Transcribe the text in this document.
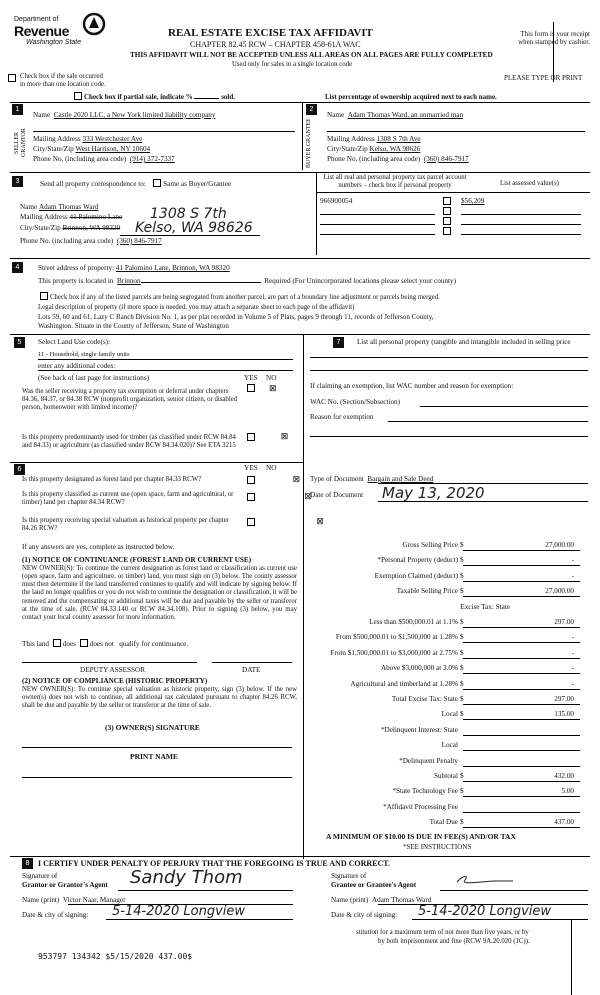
Department of
Revenue
Washington State
REAL ESTATE EXCISE TAX AFFIDAVIT
CHAPTER 82.45 RCW – CHAPTER 458-61A WAC
THIS AFFIDAVIT WILL NOT BE ACCEPTED UNLESS ALL AREAS ON ALL PAGES ARE FULLY COMPLETED
Used only for sales in a single location code
This form is your receipt
when stamped by cashier.
Check box if the sale occurred
in more than one location code.
PLEASE TYPE OR PRINT
Check box if partial sale, indicate %	sold.	List percentage of ownership acquired next to each name.
1	2
SELLER GRANTOR	BUYER GRANTEE
Name Castle 2020 LLC, a New York limited liability company
Mailing Address 333 Westchester Ave
City/State/Zip West Harrison, NY 10604
Phone No. (including area code) (914) 372-7337
Name Adam Thomas Ward, an unmarried man
Mailing Address 1308 S 7th Ave
City/State/Zip Kelso, WA 98626
Phone No. (including area code) (360) 846-7917
3	Send all property correspondence to: Same as Buyer/Grantee
Name Adam Thomas Ward
Mailing Address 41 Palomino Lane 1308 S 7th
City/State/Zip Brinnon, WA 98320 Kelso, WA 98626
Phone No. (including area code) (360) 846-7917
List all real and personal property tax parcel account numbers – check box if personal property	List assessed value(s)
966900054	$56,209
4	Street address of property: 41 Palomino Lane, Brinnon, WA 98320
This property is located in Brinnon	Required (For Unincorporated locations please select your county)
Check box if any of the listed parcels are being segregated from another parcel, are part of a boundary line adjustment or parcels being merged.
Legal description of property (if more space is needed, you may attach a separate sheet to each page of the affidavit)
Lots 59, 60 and 61, Lazy C Ranch Division No. 1, as per plat recorded in Volume 5 of Plats, pages 9 through 11, records of Jefferson County,
Washington. Situate in the County of Jefferson, State of Washington
5	Select Land Use code(s):
11 - Household, single family units
enter any additional codes:
(See back of last page for instructions)	YES NO
Was the seller receiving a property tax exemption or deferral under chapters 84.36, 84.37, or 84.38 RCW (nonprofit organization, senior citizen, or disabled person, homeowner with limited income)?
⊠
Is this property predominantly used for timber (as classified under RCW 84.84 and 84.33) or agriculture (as classified under RCW 84.34.020)? See ETA 3215
⊠
6	YES NO
Is this property designated as forest land per chapter 84.33 RCW?	⊠
Is this property classified as current use (open space, farm and agricultural, or timber) land per chapter 84.34 RCW?
⊠
Is this property receiving special valuation as historical property per chapter 84.26 RCW?
⊠
If any answers are yes, complete as instructed below.
(1) NOTICE OF CONTINUANCE (FOREST LAND OR CURRENT USE)
NEW OWNER(S): To continue the current designation as forest land or classification as current use (open space, farm and agriculture, or timber) land, you must sign on (3) below. The county assessor must then determine if the land transferred continues to qualify and will indicate by signing below. If the land no longer qualifies or you do not wish to continue the designation or classification, it will be removed and the compensating or additional taxes will be due and payable by the seller or transferor at the time of sale. (RCW 84.33.140 or RCW 84.34.108). Prior to signing (3) below, you may contact your local county assessor for more information.
This land does does not qualify for continuance.
DEPUTY ASSESSOR	DATE
(2) NOTICE OF COMPLIANCE (HISTORIC PROPERTY)
NEW OWNER(S): To continue special valuation as historic property, sign (3) below. If the new owner(s) does not wish to continue, all additional tax calculated pursuant to chapter 84.26 RCW, shall be due and payable by the seller or transferor at the time of sale.
(3) OWNER(S) SIGNATURE
PRINT NAME
7	List all personal property (tangible and intangible included in selling price
If claiming an exemption, list WAC number and reason for exemption:
WAC No. (Section/Subsection)
Reason for exemption
Type of Document Bargain and Sale Deed
Date of Document May 13, 2020
Gross Selling Price $	27,000.00
*Personal Property (deduct) $	-
Exemption Claimed (deduct) $	-
Taxable Selling Price $	27,000.00
Excise Tax: State
Less than $500,000.01 at 1.1% $	297.00
From $500,000.01 to $1,500,000 at 1.28% $	-
From $1,500,000.01 to $3,000,000 at 2.75% $	-
Above $3,000,000 at 3.0% $	-
Agricultural and timberland at 1.28% $	-
Total Excise Tax: State $	297.00
Local $	135.00
*Delinquent Interest: State
Local
*Delinquent Penalty
Subtotal $	432.00
*State Technology Fee $	5.00
*Affidavit Processing Fee
Total Due $	437.00
A MINIMUM OF $10.00 IS DUE IN FEE(S) AND/OR TAX
*SEE INSTRUCTIONS
8	I CERTIFY UNDER PENALTY OF PERJURY THAT THE FOREGOING IS TRUE AND CORRECT.
Signature of
Grantor or Grantor's Agent Sandy Thom
Name (print) Victor Naar, Manager
Date & city of signing: 5-14-2020 Longview
Signature of
Grantee or Grantee's Agent
Name (print) Adam Thomas Ward
Date & city of signing: 5-14-2020 Longview
stitution for a maximum term of not more than five years, or by
by both imprisonment and fine (RCW 9A.20.020 (1C)).
953797 134342 $5/15/2020 437.00$
